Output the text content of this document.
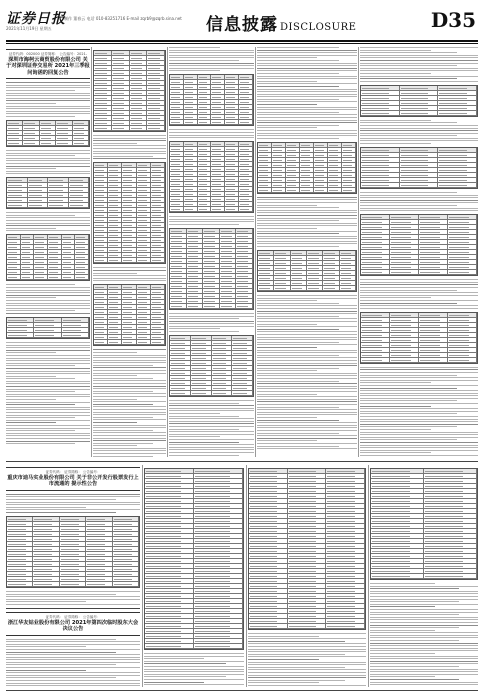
证券日报
2021年11月19日 星期五
制作 董春云 电话 010-83251716 E-mail zqrb9@zqrb.sina.net 信息披露 DISCLOSURE	D35
证券代码：002000 证券简称： 公告编号：2021-
深圳市海柯云商贸股份有限公司 关于对深圳证券交易所 2021年三季报问询函的回复公告
证券代码： 证券简称： 公告编号：
重庆市迪马实业股份有限公司 关于非公开发行股票发行上市流通的 提示性公告
证券代码： 证券简称： 公告编号：
浙江华友钴业股份有限公司 2021年第四次临时股东大会决议公告
